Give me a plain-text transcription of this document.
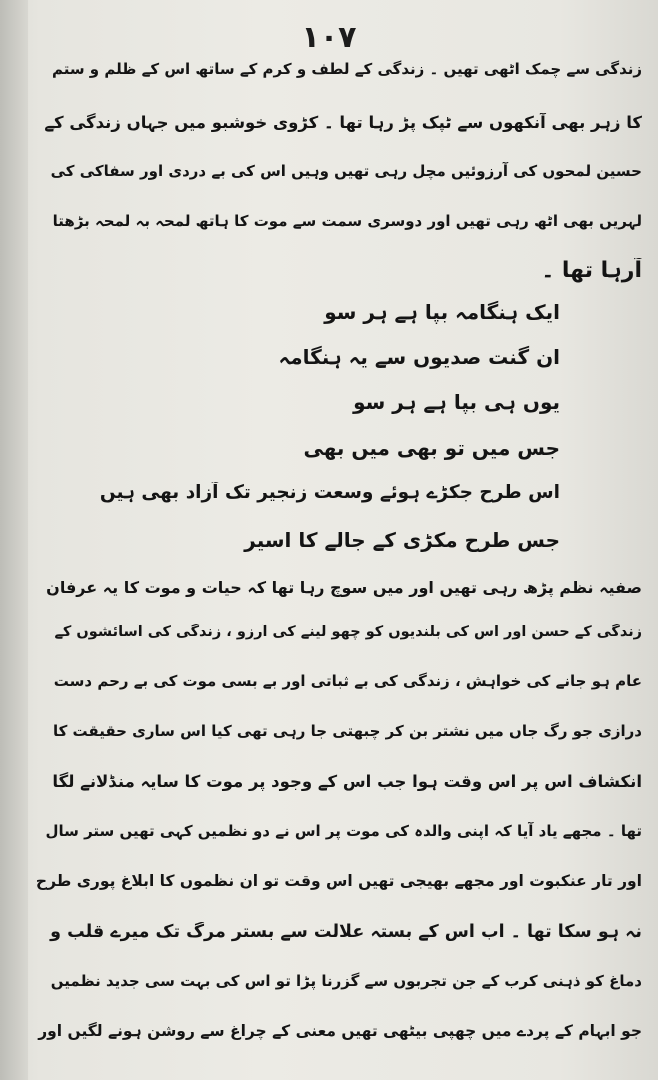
١٠٧
زندگی سے چمک اٹھی تھیں ۔ زندگی کے لطف و کرم کے ساتھ اس کے ظلم و ستم
کا زہر بھی آنکھوں سے ٹپک پڑ رہا تھا ۔ کڑوی خوشبو میں جہاں زندگی کے
حسین لمحوں کی آرزوئیں مچل رہی تھیں وہیں اس کی بے دردی اور سفاکی کی
لہریں بھی اٹھ رہی تھیں اور دوسری سمت سے موت کا ہاتھ لمحہ بہ لمحہ بڑھتا
آرہا تھا ۔
ایک ہنگامہ بپا ہے ہر سو
ان گنت صدیوں سے یہ ہنگامہ
یوں ہی بپا ہے ہر سو
جس میں تو بھی میں بھی
اس طرح جکڑے ہوئے وسعت زنجیر تک آزاد بھی ہیں
جس طرح مکڑی کے جالے کا اسیر
صفیہ نظم پڑھ رہی تھیں اور میں سوچ رہا تھا کہ حیات و موت کا یہ عرفان
زندگی کے حسن اور اس کی بلندیوں کو چھو لینے کی آرزو ، زندگی کی آسائشوں کے
عام ہو جانے کی خواہش ، زندگی کی بے ثباتی اور بے بسی موت کی بے رحم دست
درازی جو رگ جاں میں نشتر بن کر چبھتی جا رہی تھی کیا اس ساری حقیقت کا
انکشاف اس پر اس وقت ہوا جب اس کے وجود پر موت کا سایہ منڈلانے لگا
تھا ۔ مجھے یاد آیا کہ اپنی والدہ کی موت پر اس نے دو نظمیں کہی تھیں ستر سال
اور تار عنکبوت اور مجھے بھیجی تھیں اس وقت تو ان نظموں کا ابلاغ پوری طرح
نہ ہو سکا تھا ۔ اب اس کے بستہ علالت سے بستر مرگ تک میرے قلب و
دماغ کو ذہنی کرب کے جن تجربوں سے گزرنا پڑا تو اس کی بہت سی جدید نظمیں
جو ابہام کے پردے میں چھپی بیٹھی تھیں معنی کے چراغ سے روشن ہونے لگیں اور
